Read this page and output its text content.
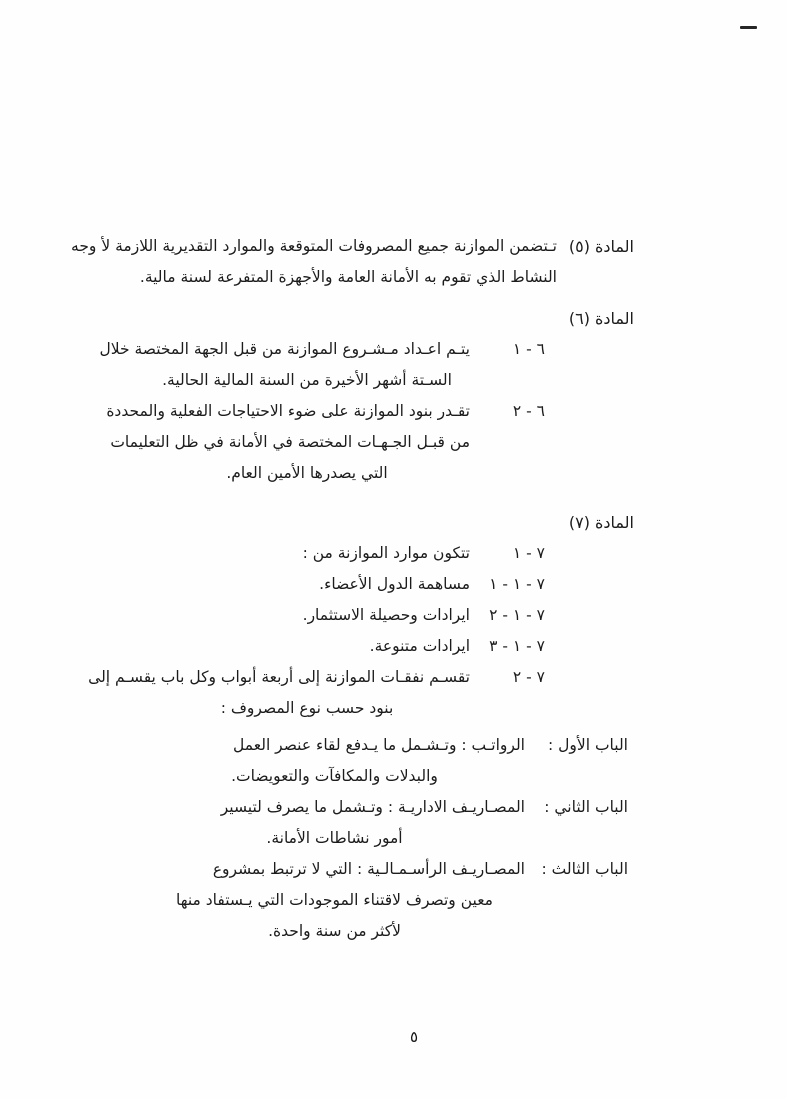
المادة (٥)
تـتضمن الموازنة جميع المصروفات المتوقعة والموارد التقديرية اللازمة لأ وجه
النشاط الذي تقوم به الأمانة العامة والأجهزة المتفرعة لسنة مالية.
المادة (٦)
٦ - ١
يتـم اعـداد مـشـروع الموازنة من قبل الجهة المختصة خلال
السـتة أشهر الأخيرة من السنة المالية الحالية.
٦ - ٢
تقـدر بنود الموازنة على ضوء الاحتياجات الفعلية والمحددة
من قبـل الجـهـات المختصة في الأمانة في ظل التعليمات
التي يصدرها الأمين العام.
المادة (٧)
٧ - ١
تتكون موارد الموازنة من :
٧ - ١ - ١
مساهمة الدول الأعضاء.
٧ - ١ - ٢
ايرادات وحصيلة الاستثمار.
٧ - ١ - ٣
ايرادات متنوعة.
٧ - ٢
تقسـم نفقـات الموازنة إلى أربعة أبواب وكل باب يقسـم إلى
بنود حسب نوع المصروف :
الباب الأول :
الرواتـب : وتـشـمل ما يـدفع لقاء عنصر العمل
والبدلات والمكافآت والتعويضات.
الباب الثاني :
المصـاريـف الاداريـة : وتـشمل ما يصرف لتيسير
أمور نشاطات الأمانة.
الباب الثالث :
المصـاريـف الرأسـمـالـية : التي لا ترتبط بمشروع
معين وتصرف لاقتناء الموجودات التي يـستفاد منها
لأكثر من سنة واحدة.
٥
